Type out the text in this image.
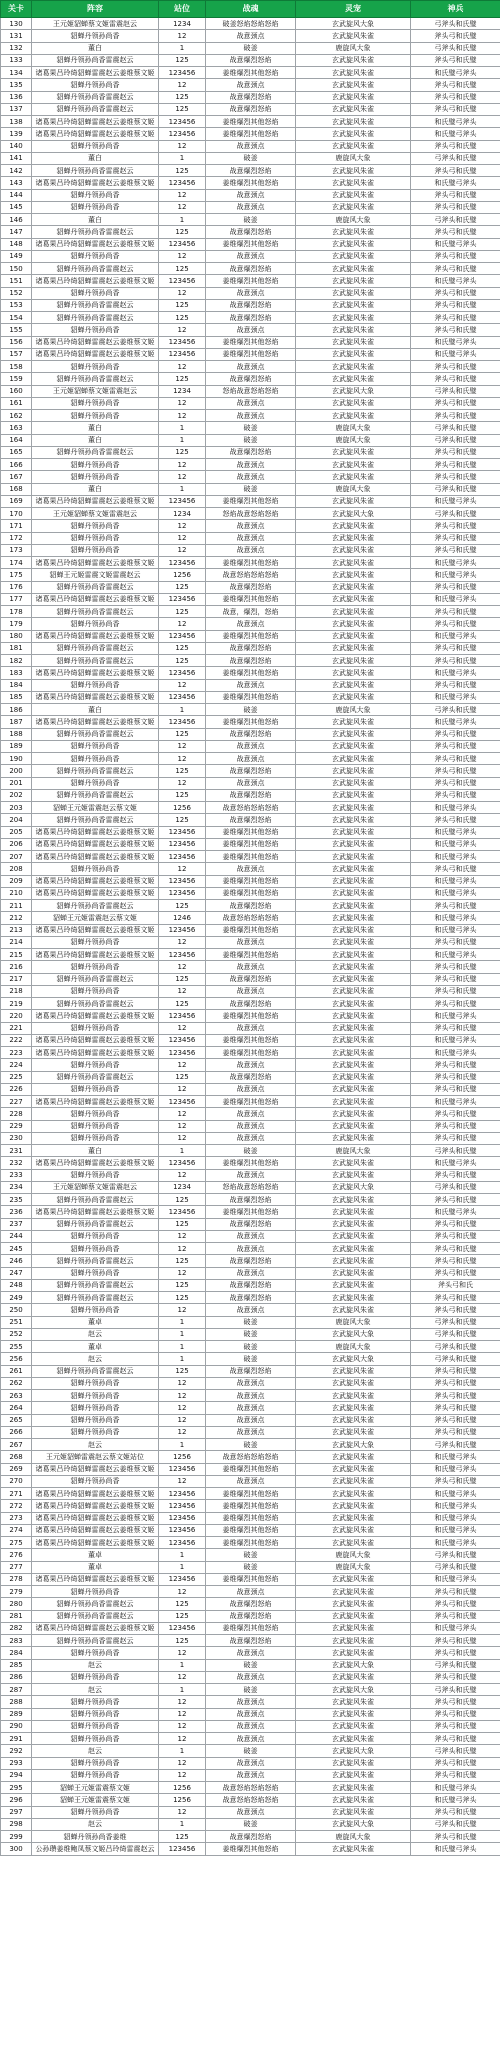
关卡	阵容	站位	战魂	灵宠	神兵
130	王元姬貂蝉蔡文姬雷震赵云	1234	破釜怒焰怒焰怒焰	玄武旋风大象	弓斧头和氏璧
131	貂蝉丹领孙尚香	12	战意颈点	玄武旋风朱雀	斧头弓和氏璧
132	董白	1	破釜	鹿旋风大象	弓斧头和氏璧
133	貂蝉丹领孙尚香雷震赵云	125	战意爆烈怒焰	玄武旋风朱雀	斧头弓和氏璧
134	诸葛果吕玲绮貂蝉雷震赵云姜维蔡文姬	123456	姜维爆烈其他怒焰	玄武旋风朱雀	和氏璧弓斧头
135	貂蝉丹领孙尚香	12	战意颈点	玄武旋风朱雀	斧头弓和氏璧
136	貂蝉丹领孙尚香雷震赵云	125	战意爆烈怒焰	玄武旋风朱雀	斧头弓和氏璧
137	貂蝉丹领孙尚香雷震赵云	125	战意爆烈怒焰	玄武旋风朱雀	斧头弓和氏璧
138	诸葛果吕玲绮貂蝉雷震赵云姜维蔡文姬	123456	姜维爆烈其他怒焰	玄武旋风朱雀	和氏璧弓斧头
139	诸葛果吕玲绮貂蝉雷震赵云姜维蔡文姬	123456	姜维爆烈其他怒焰	玄武旋风朱雀	和氏璧弓斧头
140	貂蝉丹领孙尚香	12	战意颈点	玄武旋风朱雀	斧头弓和氏璧
141	董白	1	破釜	鹿旋风大象	弓斧头和氏璧
142	貂蝉丹领孙尚香雷震赵云	125	战意爆烈怒焰	玄武旋风朱雀	斧头弓和氏璧
143	诸葛果吕玲绮貂蝉雷震赵云姜维蔡文姬	123456	姜维爆烈其他怒焰	玄武旋风朱雀	和氏璧弓斧头
144	貂蝉丹领孙尚香	12	战意颈点	玄武旋风朱雀	斧头弓和氏璧
145	貂蝉丹领孙尚香	12	战意颈点	玄武旋风朱雀	斧头弓和氏璧
146	董白	1	破釜	鹿旋风大象	弓斧头和氏璧
147	貂蝉丹领孙尚香雷震赵云	125	战意爆烈怒焰	玄武旋风朱雀	斧头弓和氏璧
148	诸葛果吕玲绮貂蝉雷震赵云姜维蔡文姬	123456	姜维爆烈其他怒焰	玄武旋风朱雀	和氏璧弓斧头
149	貂蝉丹领孙尚香	12	战意颈点	玄武旋风朱雀	斧头弓和氏璧
150	貂蝉丹领孙尚香雷震赵云	125	战意爆烈怒焰	玄武旋风朱雀	斧头弓和氏璧
151	诸葛果吕玲绮貂蝉雷震赵云姜维蔡文姬	123456	姜维爆烈其他怒焰	玄武旋风朱雀	和氏璧弓斧头
152	貂蝉丹领孙尚香	12	战意颈点	玄武旋风朱雀	斧头弓和氏璧
153	貂蝉丹领孙尚香雷震赵云	125	战意爆烈怒焰	玄武旋风朱雀	斧头弓和氏璧
154	貂蝉丹领孙尚香雷震赵云	125	战意爆烈怒焰	玄武旋风朱雀	斧头弓和氏璧
155	貂蝉丹领孙尚香	12	战意颈点	玄武旋风朱雀	斧头弓和氏璧
156	诸葛果吕玲绮貂蝉雷震赵云姜维蔡文姬	123456	姜维爆烈其他怒焰	玄武旋风朱雀	和氏璧弓斧头
157	诸葛果吕玲绮貂蝉雷震赵云姜维蔡文姬	123456	姜维爆烈其他怒焰	玄武旋风朱雀	和氏璧弓斧头
158	貂蝉丹领孙尚香	12	战意颈点	玄武旋风朱雀	斧头弓和氏璧
159	貂蝉丹领孙尚香雷震赵云	125	战意爆烈怒焰	玄武旋风朱雀	斧头弓和氏璧
160	王元姬貂蝉蔡文姬雷震赵云	1234	怒焰战意怒焰怒焰	玄武旋风大象	弓斧头和氏璧
161	貂蝉丹领孙尚香	12	战意颈点	玄武旋风朱雀	斧头弓和氏璧
162	貂蝉丹领孙尚香	12	战意颈点	玄武旋风朱雀	斧头弓和氏璧
163	董白	1	破釜	鹿旋风大象	弓斧头和氏璧
164	董白	1	破釜	鹿旋风大象	弓斧头和氏璧
165	貂蝉丹领孙尚香雷震赵云	125	战意爆烈怒焰	玄武旋风朱雀	斧头弓和氏璧
166	貂蝉丹领孙尚香	12	战意颈点	玄武旋风朱雀	斧头弓和氏璧
167	貂蝉丹领孙尚香	12	战意颈点	玄武旋风朱雀	斧头弓和氏璧
168	董白	1	破釜	鹿旋风大象	弓斧头和氏璧
169	诸葛果吕玲绮貂蝉雷震赵云姜维蔡文姬	123456	姜维爆烈其他怒焰	玄武旋风朱雀	和氏璧弓斧头
170	王元姬貂蝉蔡文姬雷震赵云	1234	怒焰战意怒焰怒焰	玄武旋风大象	弓斧头和氏璧
171	貂蝉丹领孙尚香	12	战意颈点	玄武旋风朱雀	斧头弓和氏璧
172	貂蝉丹领孙尚香	12	战意颈点	玄武旋风朱雀	斧头弓和氏璧
173	貂蝉丹领孙尚香	12	战意颈点	玄武旋风朱雀	斧头弓和氏璧
174	诸葛果吕玲绮貂蝉雷震赵云姜维蔡文姬	123456	姜维爆烈其他怒焰	玄武旋风朱雀	和氏璧弓斧头
175	貂蝉王元姬雷震文姬雷震赵云	1256	战意怒焰怒焰怒焰	玄武旋风朱雀	和氏璧弓斧头
176	貂蝉丹领孙尚香雷震赵云	125	战意爆烈怒焰	玄武旋风朱雀	斧头弓和氏璧
177	诸葛果吕玲绮貂蝉雷震赵云姜维蔡文姬	123456	姜维爆烈其他怒焰	玄武旋风朱雀	和氏璧弓斧头
178	貂蝉丹领孙尚香雷震赵云	125	战意，爆烈，怒焰	玄武旋风朱雀	斧头弓和氏璧
179	貂蝉丹领孙尚香	12	战意颈点	玄武旋风朱雀	斧头弓和氏璧
180	诸葛果吕玲绮貂蝉雷震赵云姜维蔡文姬	123456	姜维爆烈其他怒焰	玄武旋风朱雀	和氏璧弓斧头
181	貂蝉丹领孙尚香雷震赵云	125	战意爆烈怒焰	玄武旋风朱雀	斧头弓和氏璧
182	貂蝉丹领孙尚香雷震赵云	125	战意爆烈怒焰	玄武旋风朱雀	斧头弓和氏璧
183	诸葛果吕玲绮貂蝉雷震赵云姜维蔡文姬	123456	姜维爆烈其他怒焰	玄武旋风朱雀	和氏璧弓斧头
184	貂蝉丹领孙尚香	12	战意颈点	玄武旋风朱雀	斧头弓和氏璧
185	诸葛果吕玲绮貂蝉雷震赵云姜维蔡文姬	123456	姜维爆烈其他怒焰	玄武旋风朱雀	和氏璧弓斧头
186	董白	1	破釜	鹿旋风大象	弓斧头和氏璧
187	诸葛果吕玲绮貂蝉雷震赵云姜维蔡文姬	123456	姜维爆烈其他怒焰	玄武旋风朱雀	和氏璧弓斧头
188	貂蝉丹领孙尚香雷震赵云	125	战意爆烈怒焰	玄武旋风朱雀	斧头弓和氏璧
189	貂蝉丹领孙尚香	12	战意颈点	玄武旋风朱雀	斧头弓和氏璧
190	貂蝉丹领孙尚香	12	战意颈点	玄武旋风朱雀	斧头弓和氏璧
200	貂蝉丹领孙尚香雷震赵云	125	战意爆烈怒焰	玄武旋风朱雀	斧头弓和氏璧
201	貂蝉丹领孙尚香	12	战意颈点	玄武旋风朱雀	斧头弓和氏璧
202	貂蝉丹领孙尚香雷震赵云	125	战意爆烈怒焰	玄武旋风朱雀	斧头弓和氏璧
203	貂蝉王元姬雷震赵云蔡文姬	1256	战意怒焰怒焰怒焰	玄武旋风朱雀	和氏璧弓斧头
204	貂蝉丹领孙尚香雷震赵云	125	战意爆烈怒焰	玄武旋风朱雀	斧头弓和氏璧
205	诸葛果吕玲绮貂蝉雷震赵云姜维蔡文姬	123456	姜维爆烈其他怒焰	玄武旋风朱雀	和氏璧弓斧头
206	诸葛果吕玲绮貂蝉雷震赵云姜维蔡文姬	123456	姜维爆烈其他怒焰	玄武旋风朱雀	和氏璧弓斧头
207	诸葛果吕玲绮貂蝉雷震赵云姜维蔡文姬	123456	姜维爆烈其他怒焰	玄武旋风朱雀	和氏璧弓斧头
208	貂蝉丹领孙尚香	12	战意颈点	玄武旋风朱雀	斧头弓和氏璧
209	诸葛果吕玲绮貂蝉雷震赵云姜维蔡文姬	123456	姜维爆烈其他怒焰	玄武旋风朱雀	和氏璧弓斧头
210	诸葛果吕玲绮貂蝉雷震赵云姜维蔡文姬	123456	姜维爆烈其他怒焰	玄武旋风朱雀	和氏璧弓斧头
211	貂蝉丹领孙尚香雷震赵云	125	战意爆烈怒焰	玄武旋风朱雀	斧头弓和氏璧
212	貂蝉王元姬雷震赵云蔡文姬	1246	战意怒焰怒焰怒焰	玄武旋风朱雀	和氏璧弓斧头
213	诸葛果吕玲绮貂蝉雷震赵云姜维蔡文姬	123456	姜维爆烈其他怒焰	玄武旋风朱雀	和氏璧弓斧头
214	貂蝉丹领孙尚香	12	战意颈点	玄武旋风朱雀	斧头弓和氏璧
215	诸葛果吕玲绮貂蝉雷震赵云姜维蔡文姬	123456	姜维爆烈其他怒焰	玄武旋风朱雀	和氏璧弓斧头
216	貂蝉丹领孙尚香	12	战意颈点	玄武旋风朱雀	斧头弓和氏璧
217	貂蝉丹领孙尚香雷震赵云	125	战意爆烈怒焰	玄武旋风朱雀	斧头弓和氏璧
218	貂蝉丹领孙尚香	12	战意颈点	玄武旋风朱雀	斧头弓和氏璧
219	貂蝉丹领孙尚香雷震赵云	125	战意爆烈怒焰	玄武旋风朱雀	斧头弓和氏璧
220	诸葛果吕玲绮貂蝉雷震赵云姜维蔡文姬	123456	姜维爆烈其他怒焰	玄武旋风朱雀	和氏璧弓斧头
221	貂蝉丹领孙尚香	12	战意颈点	玄武旋风朱雀	斧头弓和氏璧
222	诸葛果吕玲绮貂蝉雷震赵云姜维蔡文姬	123456	姜维爆烈其他怒焰	玄武旋风朱雀	和氏璧弓斧头
223	诸葛果吕玲绮貂蝉雷震赵云姜维蔡文姬	123456	姜维爆烈其他怒焰	玄武旋风朱雀	和氏璧弓斧头
224	貂蝉丹领孙尚香	12	战意颈点	玄武旋风朱雀	斧头弓和氏璧
225	貂蝉丹领孙尚香雷震赵云	125	战意爆烈怒焰	玄武旋风朱雀	斧头弓和氏璧
226	貂蝉丹领孙尚香	12	战意颈点	玄武旋风朱雀	斧头弓和氏璧
227	诸葛果吕玲绮貂蝉雷震赵云姜维蔡文姬	123456	姜维爆烈其他怒焰	玄武旋风朱雀	和氏璧弓斧头
228	貂蝉丹领孙尚香	12	战意颈点	玄武旋风朱雀	斧头弓和氏璧
229	貂蝉丹领孙尚香	12	战意颈点	玄武旋风朱雀	斧头弓和氏璧
230	貂蝉丹领孙尚香	12	战意颈点	玄武旋风朱雀	斧头弓和氏璧
231	董白	1	破釜	鹿旋风大象	弓斧头和氏璧
232	诸葛果吕玲绮貂蝉雷震赵云姜维蔡文姬	123456	姜维爆烈其他怒焰	玄武旋风朱雀	和氏璧弓斧头
233	貂蝉丹领孙尚香	12	战意颈点	玄武旋风朱雀	斧头弓和氏璧
234	王元姬貂蝉蔡文姬雷震赵云	1234	怒焰战意怒焰怒焰	玄武旋风大象	弓斧头和氏璧
235	貂蝉丹领孙尚香雷震赵云	125	战意爆烈怒焰	玄武旋风朱雀	斧头弓和氏璧
236	诸葛果吕玲绮貂蝉雷震赵云姜维蔡文姬	123456	姜维爆烈其他怒焰	玄武旋风朱雀	和氏璧弓斧头
237	貂蝉丹领孙尚香雷震赵云	125	战意爆烈怒焰	玄武旋风朱雀	斧头弓和氏璧
244	貂蝉丹领孙尚香	12	战意颈点	玄武旋风朱雀	斧头弓和氏璧
245	貂蝉丹领孙尚香	12	战意颈点	玄武旋风朱雀	斧头弓和氏璧
246	貂蝉丹领孙尚香雷震赵云	125	战意爆烈怒焰	玄武旋风朱雀	斧头弓和氏璧
247	貂蝉丹领孙尚香	12	战意颈点	玄武旋风朱雀	斧头弓和氏璧
248	貂蝉丹领孙尚香雷震赵云	125	战意爆烈怒焰	玄武旋风朱雀	斧头弓和氏
249	貂蝉丹领孙尚香雷震赵云	125	战意爆烈怒焰	玄武旋风朱雀	斧头弓和氏璧
250	貂蝉丹领孙尚香	12	战意颈点	玄武旋风朱雀	斧头弓和氏璧
251	董卓	1	破釜	鹿旋风大象	弓斧头和氏璧
252	赵云	1	破釜	玄武旋风大象	弓斧头和氏璧
255	董卓	1	破釜	鹿旋风大象	弓斧头和氏璧
256	赵云	1	破釜	玄武旋风大象	弓斧头和氏璧
261	貂蝉丹领孙尚香雷震赵云	125	战意爆烈怒焰	玄武旋风朱雀	斧头弓和氏璧
262	貂蝉丹领孙尚香	12	战意颈点	玄武旋风朱雀	斧头弓和氏璧
263	貂蝉丹领孙尚香	12	战意颈点	玄武旋风朱雀	斧头弓和氏璧
264	貂蝉丹领孙尚香	12	战意颈点	玄武旋风朱雀	斧头弓和氏璧
265	貂蝉丹领孙尚香	12	战意颈点	玄武旋风朱雀	斧头弓和氏璧
266	貂蝉丹领孙尚香	12	战意颈点	玄武旋风朱雀	斧头弓和氏璧
267	赵云	1	破釜	玄武旋风大象	弓斧头和氏璧
268	王元姬貂蝉雷震赵云蔡文姬站位	1256	战意怒焰怒焰怒焰	玄武旋风朱雀	和氏璧弓斧头
269	诸葛果吕玲绮貂蝉雷震赵云姜维蔡文姬	123456	姜维爆烈其他怒焰	玄武旋风朱雀	和氏璧弓斧头
270	貂蝉丹领孙尚香	12	战意颈点	玄武旋风朱雀	斧头弓和氏璧
271	诸葛果吕玲绮貂蝉雷震赵云姜维蔡文姬	123456	姜维爆烈其他怒焰	玄武旋风朱雀	和氏璧弓斧头
272	诸葛果吕玲绮貂蝉雷震赵云姜维蔡文姬	123456	姜维爆烈其他怒焰	玄武旋风朱雀	和氏璧弓斧头
273	诸葛果吕玲绮貂蝉雷震赵云姜维蔡文姬	123456	姜维爆烈其他怒焰	玄武旋风朱雀	和氏璧弓斧头
274	诸葛果吕玲绮貂蝉雷震赵云姜维蔡文姬	123456	姜维爆烈其他怒焰	玄武旋风朱雀	和氏璧弓斧头
275	诸葛果吕玲绮貂蝉雷震赵云姜维蔡文姬	123456	姜维爆烈其他怒焰	玄武旋风朱雀	和氏璧弓斧头
276	董卓	1	破釜	鹿旋风大象	弓斧头和氏璧
277	董卓	1	破釜	鹿旋风大象	弓斧头和氏璧
278	诸葛果吕玲绮貂蝉雷震赵云姜维蔡文姬	123456	姜维爆烈其他怒焰	玄武旋风朱雀	和氏璧弓斧头
279	貂蝉丹领孙尚香	12	战意颈点	玄武旋风朱雀	斧头弓和氏璧
280	貂蝉丹领孙尚香雷震赵云	125	战意爆烈怒焰	玄武旋风朱雀	斧头弓和氏璧
281	貂蝉丹领孙尚香雷震赵云	125	战意爆烈怒焰	玄武旋风朱雀	斧头弓和氏璧
282	诸葛果吕玲绮貂蝉雷震赵云姜维蔡文姬	123456	姜维爆烈其他怒焰	玄武旋风朱雀	和氏璧弓斧头
283	貂蝉丹领孙尚香雷震赵云	125	战意爆烈怒焰	玄武旋风朱雀	斧头弓和氏璧
284	貂蝉丹领孙尚香	12	战意颈点	玄武旋风朱雀	斧头弓和氏璧
285	赵云	1	破釜	玄武旋风大象	弓斧头和氏璧
286	貂蝉丹领孙尚香	12	战意颈点	玄武旋风朱雀	斧头弓和氏璧
287	赵云	1	破釜	玄武旋风大象	弓斧头和氏璧
288	貂蝉丹领孙尚香	12	战意颈点	玄武旋风朱雀	斧头弓和氏璧
289	貂蝉丹领孙尚香	12	战意颈点	玄武旋风朱雀	斧头弓和氏璧
290	貂蝉丹领孙尚香	12	战意颈点	玄武旋风朱雀	斧头弓和氏璧
291	貂蝉丹领孙尚香	12	战意颈点	玄武旋风朱雀	斧头弓和氏璧
292	赵云	1	破釜	玄武旋风大象	弓斧头和氏璧
293	貂蝉丹领孙尚香	12	战意颈点	玄武旋风朱雀	斧头弓和氏璧
294	貂蝉丹领孙尚香	12	战意颈点	玄武旋风朱雀	斧头弓和氏璧
295	貂蝉王元姬雷震蔡文姬	1256	战意怒焰怒焰怒焰	玄武旋风朱雀	和氏璧弓斧头
296	貂蝉王元姬雷震蔡文姬	1256	战意怒焰怒焰怒焰	玄武旋风朱雀	和氏璧弓斧头
297	貂蝉丹领孙尚香	12	战意颈点	玄武旋风朱雀	斧头弓和氏璧
298	赵云	1	破釜	玄武旋风大象	弓斧头和氏璧
299	貂蝉丹领孙尚香姜维	125	战意爆烈怒焰	鹿旋风大象	斧头弓和氏璧
300	公孙瓒姜维鲍凤蔡文姬吕玲绮雷震赵云	123456	姜维爆烈其他怒焰	玄武旋风朱雀	和氏璧弓斧头
